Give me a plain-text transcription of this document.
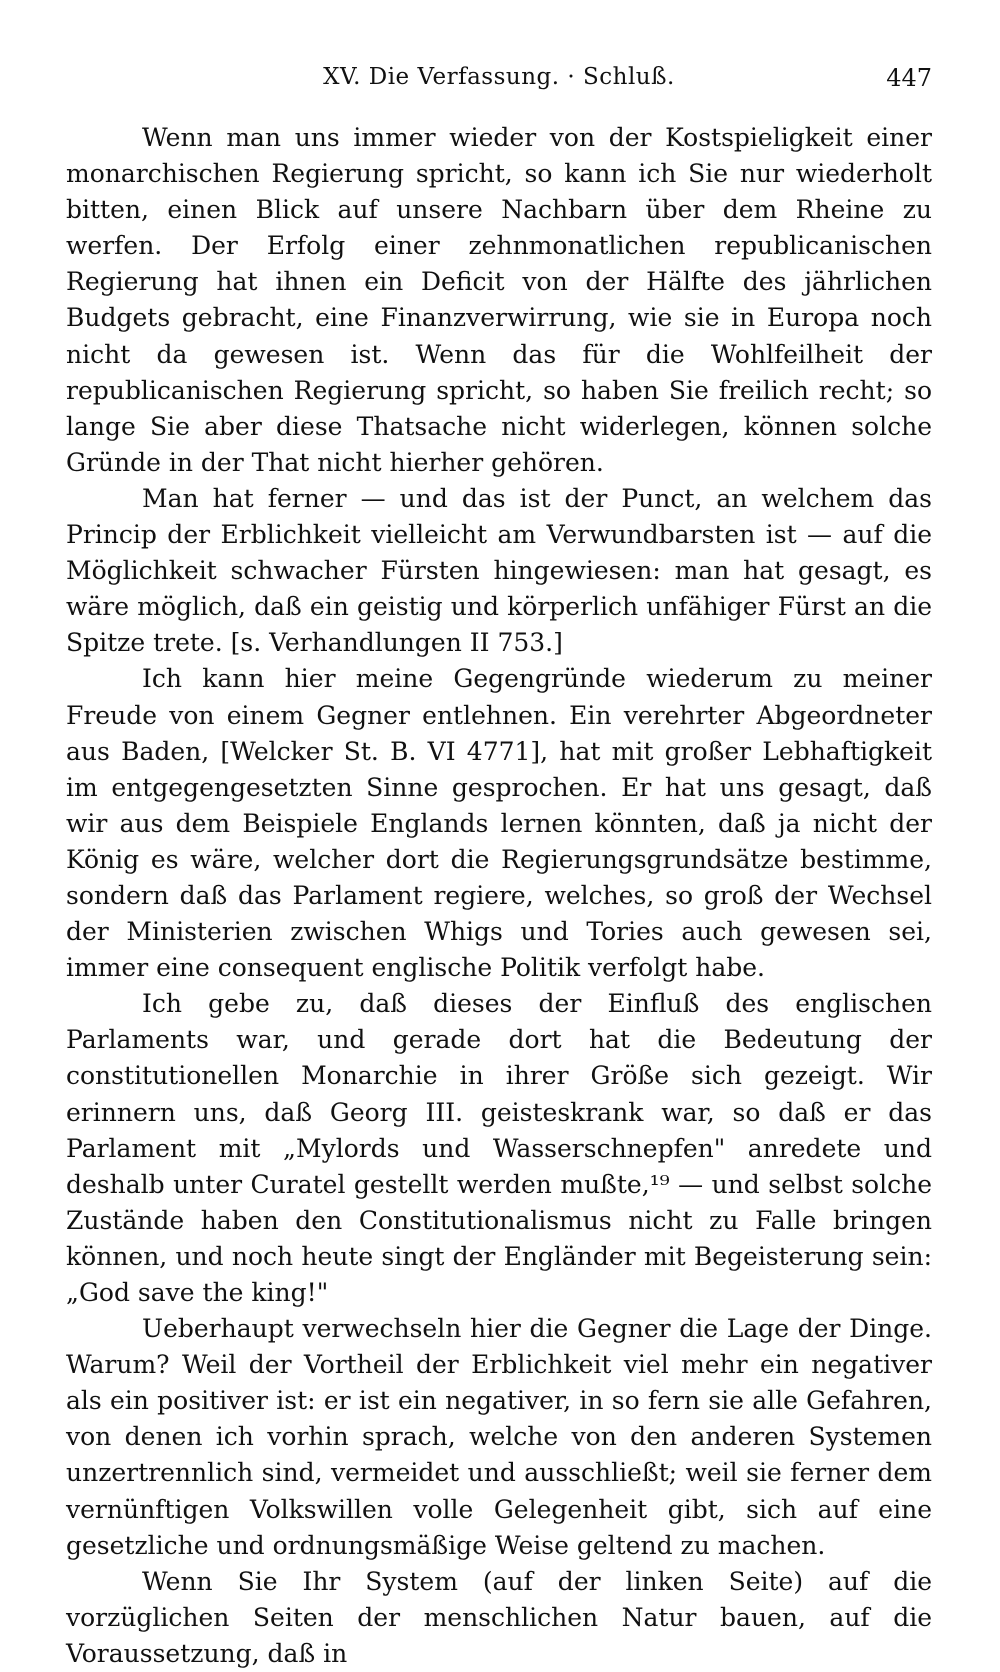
XV. Die Verfassung. · Schluß.	447

Wenn man uns immer wieder von der Kostspieligkeit einer monarchischen Regierung spricht, so kann ich Sie nur wiederholt bitten, einen Blick auf unsere Nachbarn über dem Rheine zu werfen. Der Erfolg einer zehnmonatlichen republicanischen Regierung hat ihnen ein Deficit von der Hälfte des jährlichen Budgets gebracht, eine Finanzverwirrung, wie sie in Europa noch nicht da gewesen ist. Wenn das für die Wohlfeilheit der republicanischen Regierung spricht, so haben Sie freilich recht; so lange Sie aber diese Thatsache nicht widerlegen, können solche Gründe in der That nicht hierher gehören.

Man hat ferner — und das ist der Punct, an welchem das Princip der Erblichkeit vielleicht am Verwundbarsten ist — auf die Möglichkeit schwacher Fürsten hingewiesen: man hat gesagt, es wäre möglich, daß ein geistig und körperlich unfähiger Fürst an die Spitze trete. [s. Verhandlungen II 753.]

Ich kann hier meine Gegengründe wiederum zu meiner Freude von einem Gegner entlehnen. Ein verehrter Abgeordneter aus Baden, [Welcker St. B. VI 4771], hat mit großer Lebhaftigkeit im entgegengesetzten Sinne gesprochen. Er hat uns gesagt, daß wir aus dem Beispiele Englands lernen könnten, daß ja nicht der König es wäre, welcher dort die Regierungsgrundsätze bestimme, sondern daß das Parlament regiere, welches, so groß der Wechsel der Ministerien zwischen Whigs und Tories auch gewesen sei, immer eine consequent englische Politik verfolgt habe.

Ich gebe zu, daß dieses der Einfluß des englischen Parlaments war, und gerade dort hat die Bedeutung der constitutionellen Monarchie in ihrer Größe sich gezeigt. Wir erinnern uns, daß Georg III. geisteskrank war, so daß er das Parlament mit „Mylords und Wasserschnepfen" anredete und deshalb unter Curatel gestellt werden mußte,¹⁹ — und selbst solche Zustände haben den Constitutionalismus nicht zu Falle bringen können, und noch heute singt der Engländer mit Begeisterung sein: „God save the king!"

Ueberhaupt verwechseln hier die Gegner die Lage der Dinge. Warum? Weil der Vortheil der Erblichkeit viel mehr ein negativer als ein positiver ist: er ist ein negativer, in so fern sie alle Gefahren, von denen ich vorhin sprach, welche von den anderen Systemen unzertrennlich sind, vermeidet und ausschließt; weil sie ferner dem vernünftigen Volkswillen volle Gelegenheit gibt, sich auf eine gesetzliche und ordnungsmäßige Weise geltend zu machen.

Wenn Sie Ihr System (auf der linken Seite) auf die vorzüglichen Seiten der menschlichen Natur bauen, auf die Voraussetzung, daß in
